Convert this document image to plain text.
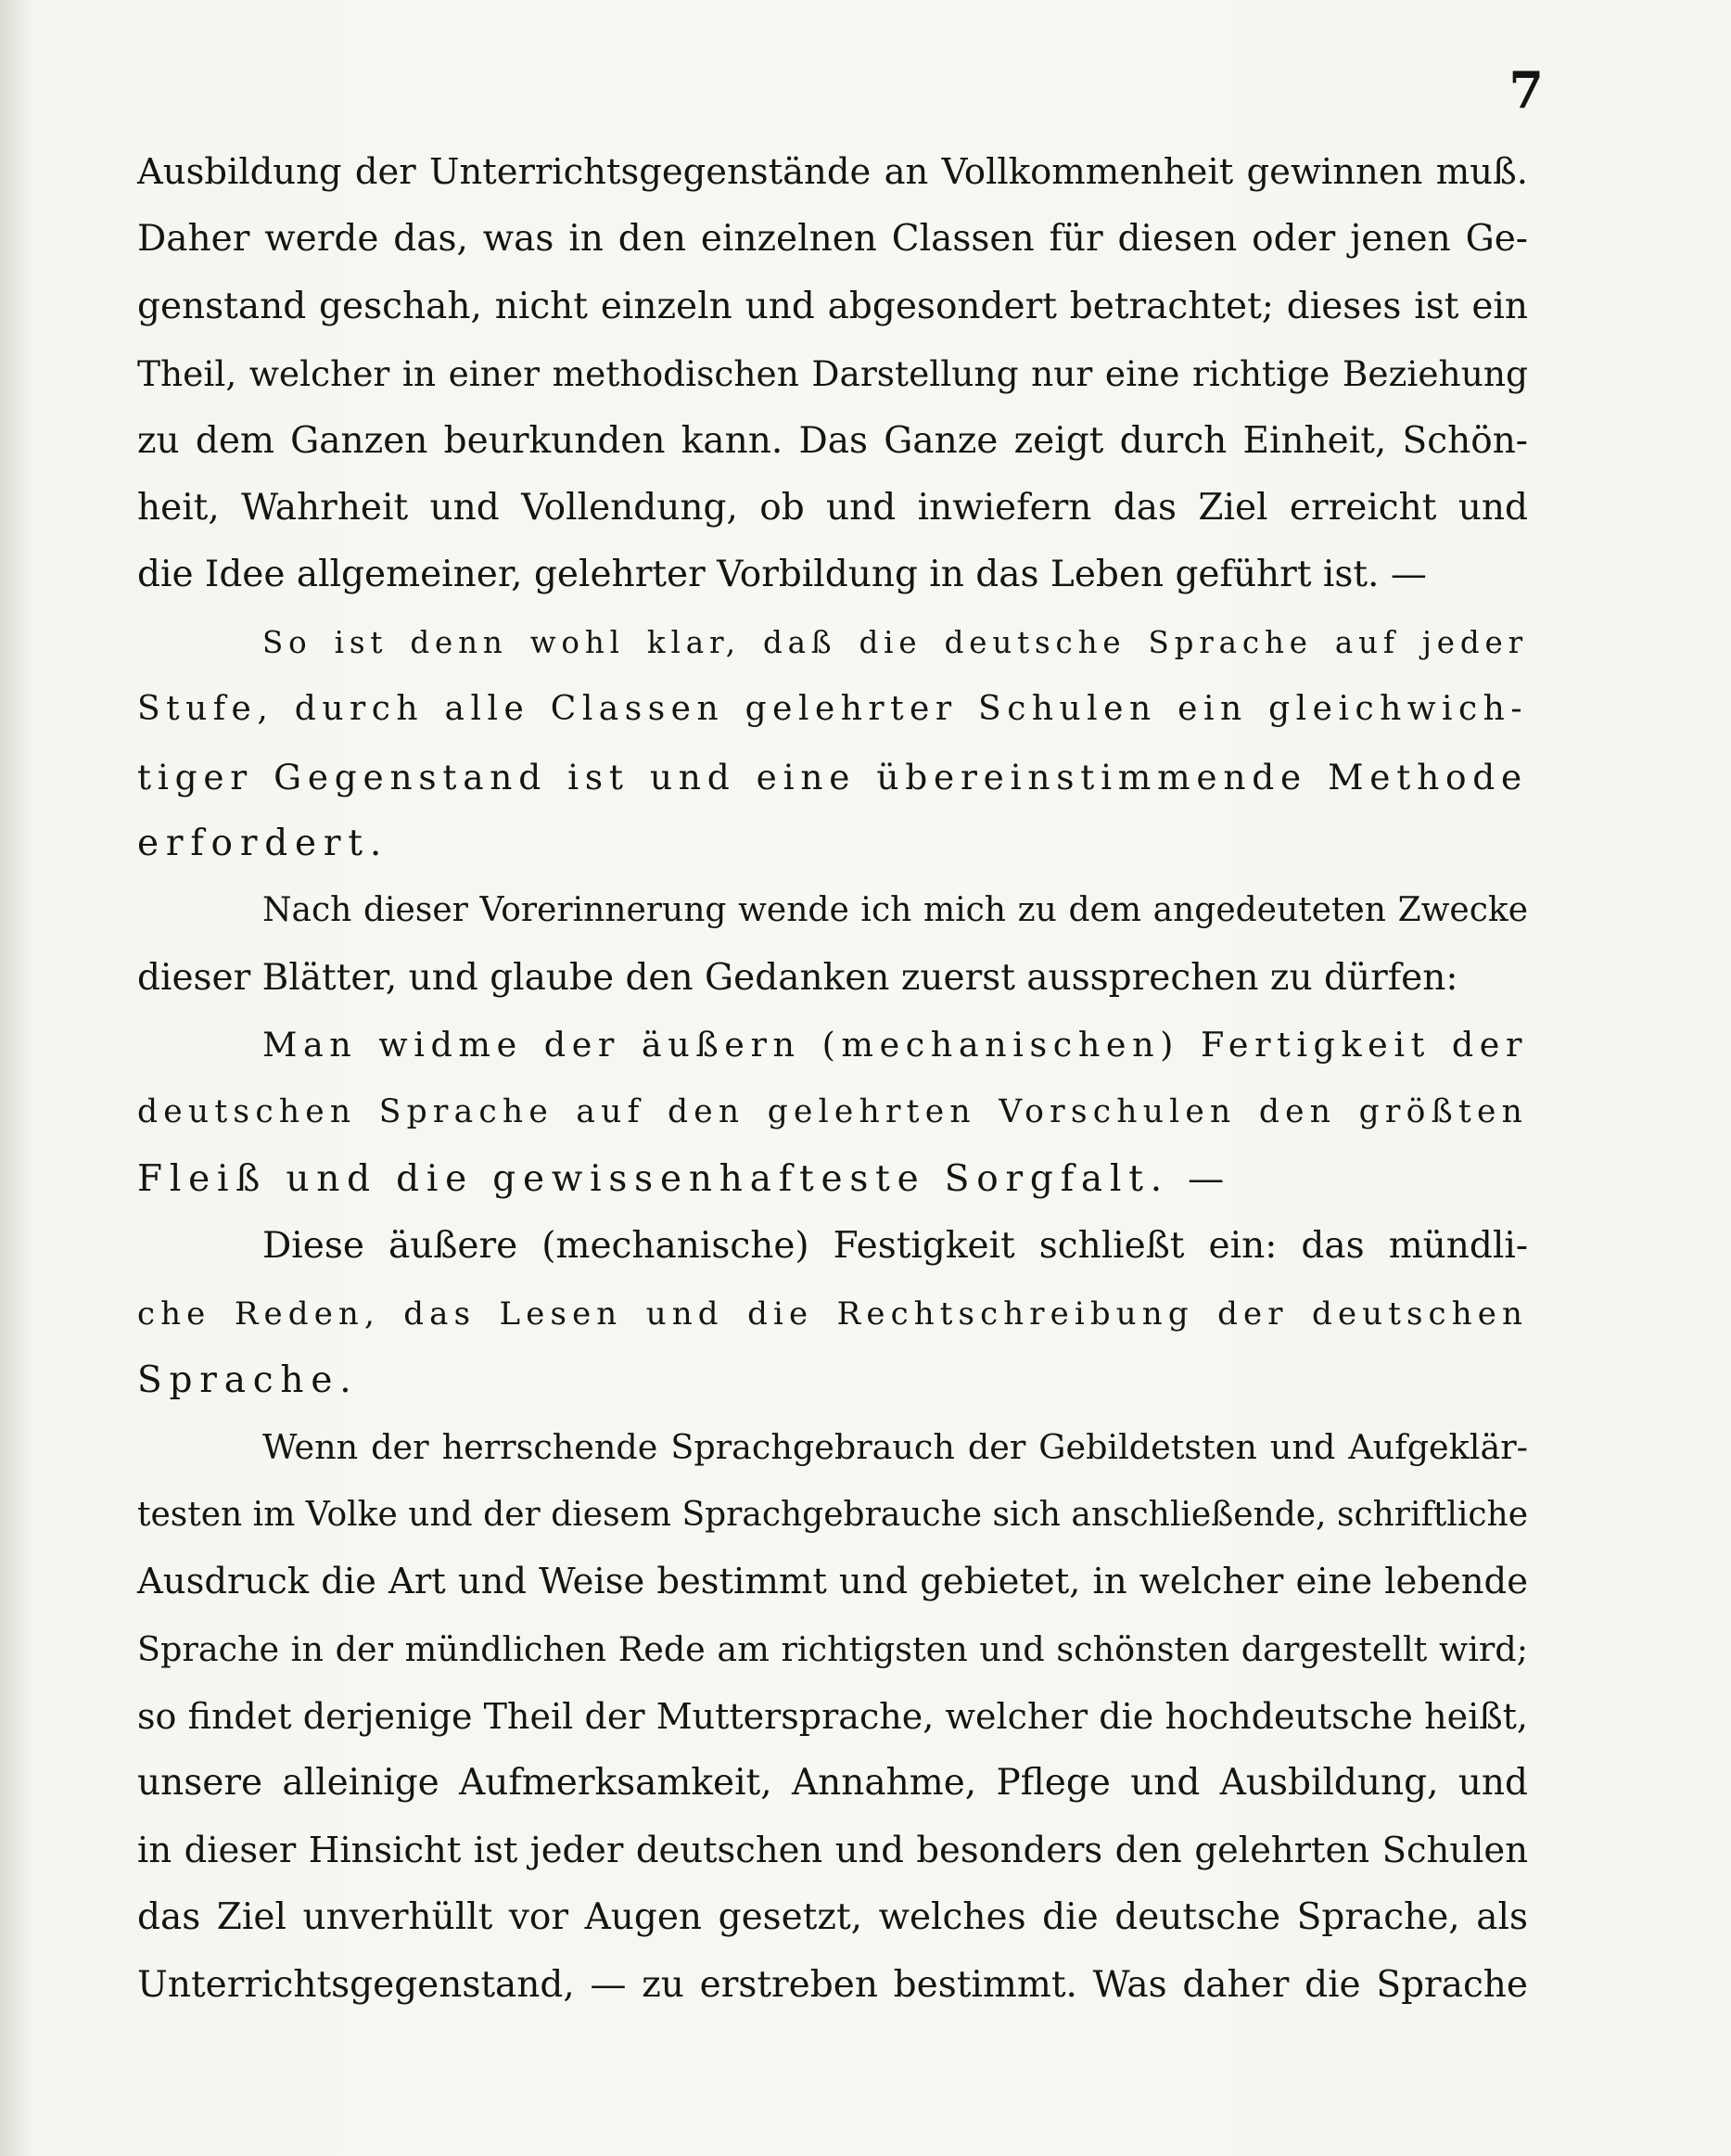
7
Ausbildung der Unterrichtsgegenstände an Vollkommenheit gewinnen muß.
Daher werde das, was in den einzelnen Classen für diesen oder jenen Ge-
genstand geschah, nicht einzeln und abgesondert betrachtet; dieses ist ein
Theil, welcher in einer methodischen Darstellung nur eine richtige Beziehung
zu dem Ganzen beurkunden kann. Das Ganze zeigt durch Einheit, Schön-
heit, Wahrheit und Vollendung, ob und inwiefern das Ziel erreicht und
die Idee allgemeiner, gelehrter Vorbildung in das Leben geführt ist. —
So ist denn wohl klar, daß die deutsche Sprache auf jeder
Stufe, durch alle Classen gelehrter Schulen ein gleichwich-
tiger Gegenstand ist und eine übereinstimmende Methode
erfordert.
Nach dieser Vorerinnerung wende ich mich zu dem angedeuteten Zwecke
dieser Blätter, und glaube den Gedanken zuerst aussprechen zu dürfen:
Man widme der äußern (mechanischen) Fertigkeit der
deutschen Sprache auf den gelehrten Vorschulen den größten
Fleiß und die gewissenhafteste Sorgfalt. —
Diese äußere (mechanische) Festigkeit schließt ein: das mündli-
che Reden, das Lesen und die Rechtschreibung der deutschen
Sprache.
Wenn der herrschende Sprachgebrauch der Gebildetsten und Aufgeklär-
testen im Volke und der diesem Sprachgebrauche sich anschließende, schriftliche
Ausdruck die Art und Weise bestimmt und gebietet, in welcher eine lebende
Sprache in der mündlichen Rede am richtigsten und schönsten dargestellt wird;
so findet derjenige Theil der Muttersprache, welcher die hochdeutsche heißt,
unsere alleinige Aufmerksamkeit, Annahme, Pflege und Ausbildung, und
in dieser Hinsicht ist jeder deutschen und besonders den gelehrten Schulen
das Ziel unverhüllt vor Augen gesetzt, welches die deutsche Sprache, als
Unterrichtsgegenstand, — zu erstreben bestimmt. Was daher die Sprache
